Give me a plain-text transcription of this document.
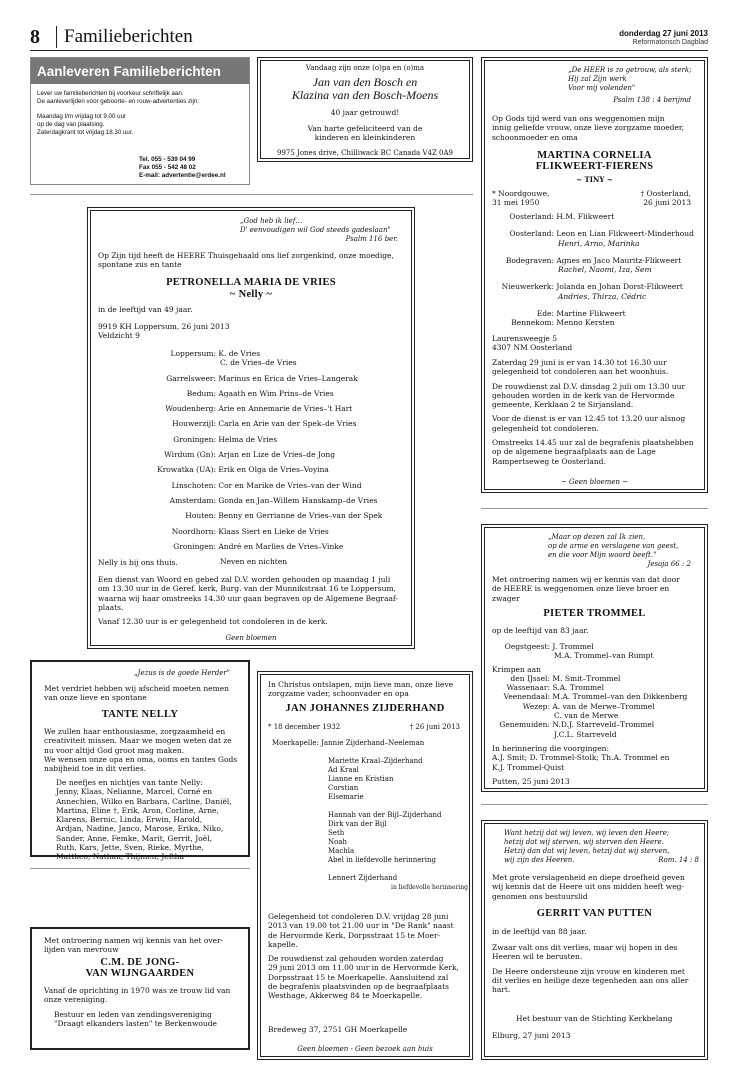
8 Familieberichten	donderdag 27 juni 2013
Reformatorisch Dagblad
Aanleveren Familieberichten
Lever uw familieberichten bij voorkeur schriftelijk aan.
De aanleverlijden voor geboorte- en rouw-advertenties zijn:
Maandag t/m vrijdag tot 9.00 uur
op de dag van plaatsing.
Zaterdagkrant tot vrijdag 18.30 uur.
Tel. 055 - 539 04 99
Fax 055 - 542 48 02
E-mail: advertentie@erdee.nl
Vandaag zijn onze (o)pa en (o)ma
Jan van den Bosch en
Klazina van den Bosch-Moens
40 jaar getrouwd!
Van harte gefeliciteerd van de
kinderen en kleinkinderen
9975 Jones drive, Chilliwack BC Canada V4Z 0A9
„De HEER is zo getrouw, als sterk;
Hij zal Zijn werk
Voor mij volenden"
Psalm 138 : 4 berijmd
Op Gods tijd werd van ons weggenomen mijn
innig geliefde vrouw, onze lieve zorgzame moeder,
schoonmoeder en oma
MARTINA CORNELIA
FLIKWEERT-FIERENS
~ TINY ~
* Noordgouwe,
31 mei 1950
† Oosterland,
26 juni 2013
Oosterland: H.M. Flikweert
Oosterland: Leon en Lian Flikweert-Minderhoud
Henri, Arno, Marinka
Bodegraven: Agnes en Jaco Mauritz-Flikweert
Rachel, Naomi, Iza, Sem
Nieuwerkerk: Jolanda en Johan Dorst-Flikweert
Andries, Thirza, Cédric
Ede: Martine Flikweert
Bennekom: Menno Kersten
Laurensweegje 5
4307 NM Oosterland
Zaterdag 29 juni is er van 14.30 tot 16.30 uur
gelegenheid tot condoleren aan het woonhuis.
De rouwdienst zal D.V. dinsdag 2 juli om 13.30 uur
gehouden worden in de kerk van de Hervormde
gemeente, Kerklaan 2 te Sirjansland.
Voor de dienst is er van 12.45 tot 13.20 uur alsnog
gelegenheid tot condoleren.
Omstreeks 14.45 uur zal de begrafenis plaatshebben
op de algemene begraafplaats aan de Lage
Rampertseweg te Oosterland.
~ Geen bloemen ~
„God heb ik lief…
D' eenvoudigen wil God steeds gadeslaan"
Psalm 116 ber.
Op Zijn tijd heeft de HEERE Thuisgehaald ons lief zorgenkind, onze moedige,
spontane zus en tante
PETRONELLA MARIA DE VRIES
~ Nelly ~
in de leeftijd van 49 jaar.
9919 KH Loppersum, 26 juni 2013
Veldzicht 9
Loppersum: K. de Vries
C. de Vries–de Vries
Garrelsweer: Marinus en Erica de Vries–Langerak
Bedum: Agaath en Wim Prins–de Vries
Woudenberg: Arie en Annemarie de Vries–'t Hart
Houwerzijl: Carla en Arie van der Spek–de Vries
Groningen: Helma de Vries
Wirdum (Gn): Arjan en Lize de Vries–de Jong
Krowatka (UA): Erik en Olga de Vries–Voyina
Linschoten: Cor en Marike de Vries–van der Wind
Amsterdam: Gonda en Jan–Willem Hanskamp–de Vries
Houten: Benny en Gerrianne de Vries–van der Spek
Noordhorn: Klaas Siert en Lieke de Vries
Groningen: André en Marlies de Vries–Vinke
Neven en nichten
Nelly is bij ons thuis.
Een dienst van Woord en gebed zal D.V. worden gehouden op maandag 1 juli
om 13.30 uur in de Geref. kerk, Burg. van der Munnikstraat 16 te Loppersum,
waarna wij haar omstreeks 14.30 uur gaan begraven op de Algemene Begraaf-
plaats.
Vanaf 12.30 uur is er gelegenheid tot condoleren in de kerk.
Geen bloemen
„Maar op dezen zal Ik zien,
op de arme en verslagene van geest,
en die voor Mijn woord beeft."
Jesaja 66 : 2
Met ontroering namen wij er kennis van dat door
de HEERE is weggenomen onze lieve broer en
zwager
PIETER TROMMEL
op de leeftijd van 83 jaar.
Oegstgeest: J. Trommel
M.A. Trommel–van Rumpt
Krimpen aan
den IJssel: M. Smit–Trommel
Wassenaar: S.A. Trommel
Veenendaal: M.A. Trommel–van den Dikkenberg
Wezep: A. van de Merwe–Trommel
C. van de Merwe
Genemuiden: N.D.J. Starreveld–Trommel
J.C.L. Starreveld
In herinnering die voorgingen:
A.J. Smit; D. Trommel-Stolk; Th.A. Trommel en
K.J. Trommel-Quist
Putten, 25 juni 2013
„Jezus is de goede Herder"
Met verdriet hebben wij afscheid moeten nemen
van onze lieve en spontane
TANTE NELLY
We zullen haar enthousiasme, zorgzaamheid en
creativiteit missen. Maar we mogen weten dat ze
nu voor altijd God groot mag maken.
We wensen onze opa en oma, ooms en tantes Gods
nabijheid toe in dit verlies.
De neefjes en nichtjes van tante Nelly:
Jenny, Klaas, Nelianne, Marcel, Corné en
Annechien, Wilko en Barbara, Carline, Daniël,
Martina, Eline †, Erik, Aron, Corline, Arne,
Klarens, Bernic, Linda, Erwin, Harold,
Ardjan, Nadine, Janco, Marose, Erika, Niko,
Sander, Anne, Femke, Marit, Gerrit, Joël,
Ruth, Kars, Jette, Sven, Rieke, Myrthe,
Mattheo, Nathan, Thijmen, Jeftha
Met ontroering namen wij kennis van het over-
lijden van mevrouw
C.M. DE JONG-
VAN WIJNGAARDEN
Vanaf de oprichting in 1970 was ze trouw lid van
onze vereniging.
Bestuur en leden van zendingsvereniging
"Draagt elkanders lasten" te Berkenwoude
In Christus ontslapen, mijn lieve man, onze lieve
zorgzame vader, schoonvader en opa
JAN JOHANNES ZIJDERHAND
* 18 december 1932	† 26 juni 2013
Moerkapelle: Jannie Zijderhand–Neeleman
Mariette Kraal–Zijderhand
Ad Kraal
Lianne en Kristian
Corstian
Elsemarie
Hannah van der Bijl–Zijderhand
Dirk van der Bijl
Seth
Noah
Machla
Abel in liefdevolle herinnering
Lennert Zijderhand
in liefdevolle herinnering
Gelegenheid tot condoleren D.V. vrijdag 28 juni
2013 van 19.00 tot 21.00 uur in "De Rank" naast
de Hervormde Kerk, Dorpsstraat 15 te Moer-
kapelle.
De rouwdienst zal gehouden worden zaterdag
29 juni 2013 om 11.00 uur in de Hervormde Kerk,
Dorpsstraat 15 te Moerkapelle. Aansluitend zal
de begrafenis plaatsvinden op de begraafplaats
Westhage, Akkerweg 84 te Moerkapelle.
Bredeweg 37, 2751 GH Moerkapelle
Geen bloemen - Geen bezoek aan huis
Want hetzij dat wij leven, wij leven den Heere;
hetzij dat wij sterven, wij sterven den Heere.
Hetzij dan dat wij leven, hetzij dat wij sterven,
wij zijn des Heeren.	Rom. 14 : 8
Met grote verslagenheid en diepe droefheid geven
wij kennis dat de Heere uit ons midden heeft weg-
genomen ons bestuurslid
GERRIT VAN PUTTEN
in de leeftijd van 88 jaar.
Zwaar valt ons dit verlies, maar wij hopen in des
Heeren wil te berusten.
De Heere ondersteune zijn vrouw en kinderen met
dit verlies en heilige deze tegenheden aan ons aller
hart.
Het bestuur van de Stichting Kerkbelang
Elburg, 27 juni 2013
